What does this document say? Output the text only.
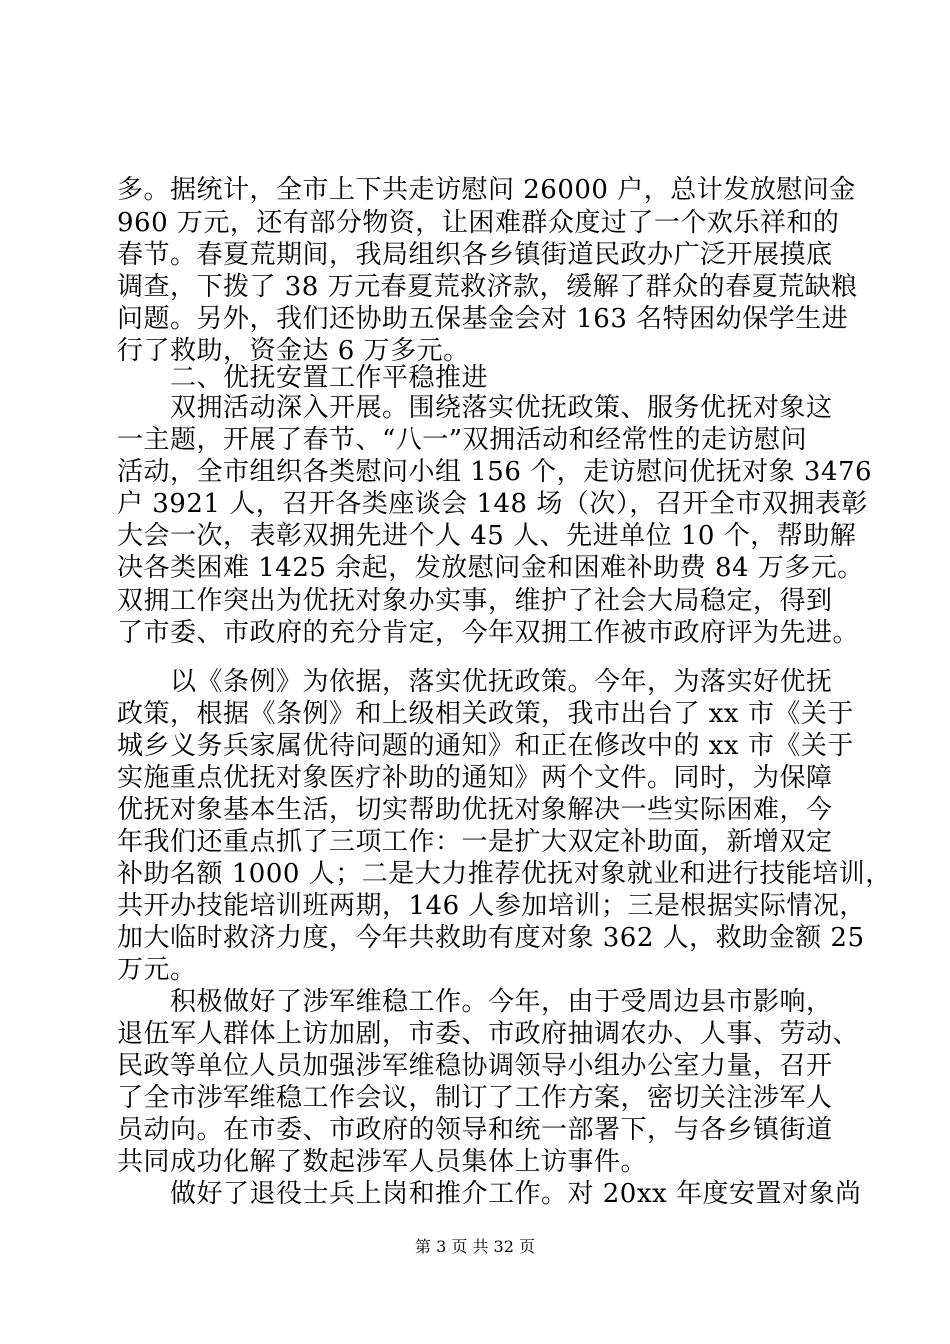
多。据统计，全市上下共走访慰问 26000 户，总计发放慰问金
960 万元，还有部分物资，让困难群众度过了一个欢乐祥和的
春节。春夏荒期间，我局组织各乡镇街道民政办广泛开展摸底
调查，下拨了 38 万元春夏荒救济款，缓解了群众的春夏荒缺粮
问题。另外，我们还协助五保基金会对 163 名特困幼保学生进
行了救助，资金达 6 万多元。
　　二、优抚安置工作平稳推进
　　双拥活动深入开展。围绕落实优抚政策、服务优抚对象这
一主题，开展了春节、“八一”双拥活动和经常性的走访慰问
活动，全市组织各类慰问小组 156 个，走访慰问优抚对象 3476
户 3921 人，召开各类座谈会 148 场（次），召开全市双拥表彰
大会一次，表彰双拥先进个人 45 人、先进单位 10 个，帮助解
决各类困难 1425 余起，发放慰问金和困难补助费 84 万多元。
双拥工作突出为优抚对象办实事，维护了社会大局稳定，得到
了市委、市政府的充分肯定，今年双拥工作被市政府评为先进。
　　以《条例》为依据，落实优抚政策。今年，为落实好优抚
政策，根据《条例》和上级相关政策，我市出台了 xx 市《关于
城乡义务兵家属优待问题的通知》和正在修改中的 xx 市《关于
实施重点优抚对象医疗补助的通知》两个文件。同时，为保障
优抚对象基本生活，切实帮助优抚对象解决一些实际困难，今
年我们还重点抓了三项工作：一是扩大双定补助面，新增双定
补助名额 1000 人；二是大力推荐优抚对象就业和进行技能培训，
共开办技能培训班两期，146 人参加培训；三是根据实际情况，
加大临时救济力度，今年共救助有度对象 362 人，救助金额 25
万元。
　　积极做好了涉军维稳工作。今年，由于受周边县市影响，
退伍军人群体上访加剧，市委、市政府抽调农办、人事、劳动、
民政等单位人员加强涉军维稳协调领导小组办公室力量，召开
了全市涉军维稳工作会议，制订了工作方案，密切关注涉军人
员动向。在市委、市政府的领导和统一部署下，与各乡镇街道
共同成功化解了数起涉军人员集体上访事件。
　　做好了退役士兵上岗和推介工作。对 20xx 年度安置对象尚
第 3 页 共 32 页
